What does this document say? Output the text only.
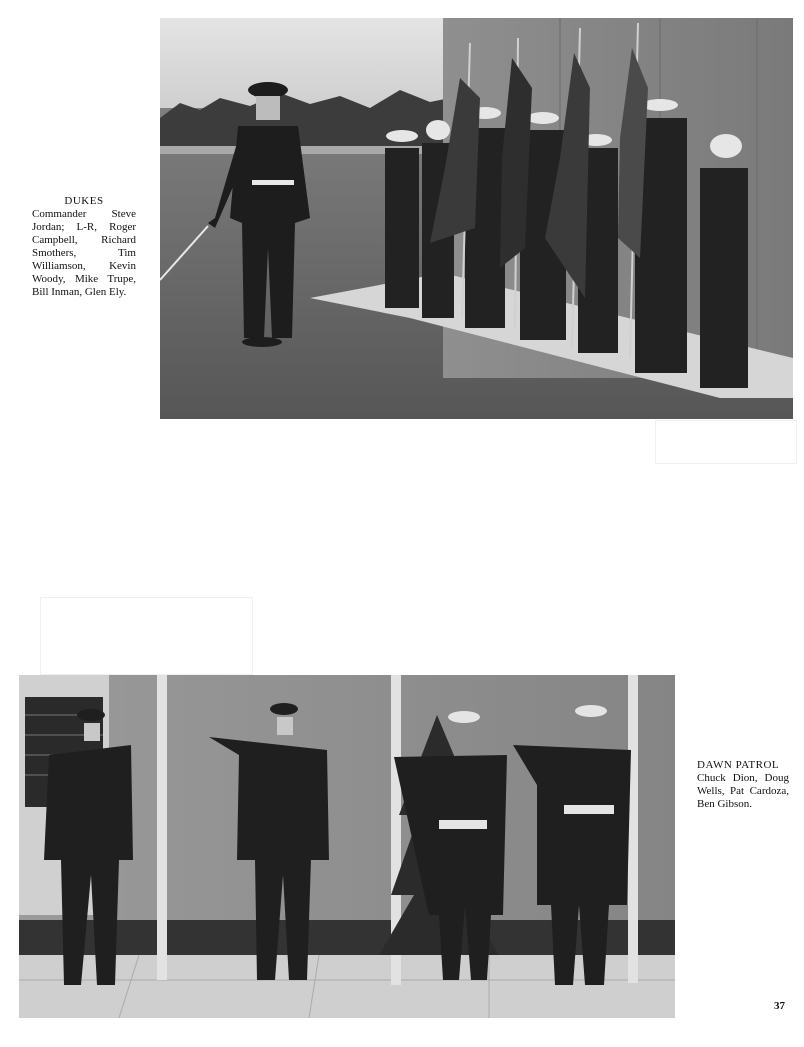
DUKES
Commander Steve Jordan; L-R, Roger Campbell, Richard Smothers, Tim Williamson, Kevin Woody, Mike Trupe, Bill Inman, Glen Ely.
DAWN PATROL
Chuck Dion, Doug Wells, Pat Cardoza, Ben Gibson.
37
